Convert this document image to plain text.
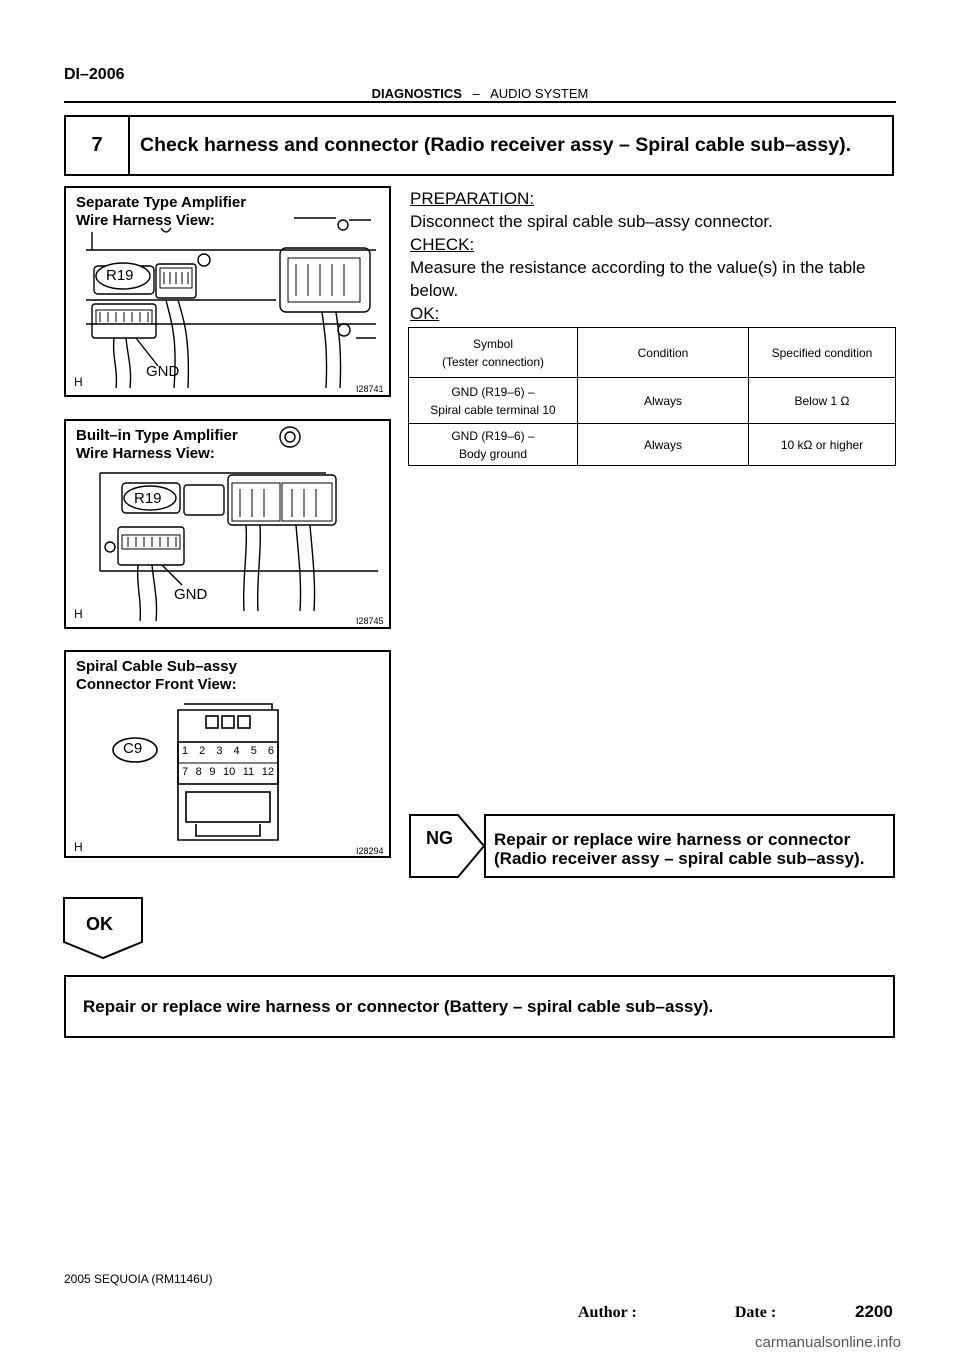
DI–2006
DIAGNOSTICS – AUDIO SYSTEM
7	Check harness and connector (Radio receiver assy – Spiral cable sub–assy).
Separate Type Amplifier
Wire Harness View:
R19
GND
H	I28741
Built–in Type Amplifier
Wire Harness View:
R19
GND
H	I28745
Spiral Cable Sub–assy
Connector Front View:
C9	1 2 3 4 5 6
7 8 9 10 11 12
H	I28294
PREPARATION:
Disconnect the spiral cable sub–assy connector.
CHECK:
Measure the resistance according to the value(s) in the table
below.
OK:
Symbol
(Tester connection)	Condition	Specified condition

GND (R19–6) –
Spiral cable terminal 10	Always	Below 1 Ω

GND (R19–6) –
Body ground	Always	10 kΩ or higher
NG Repair or replace wire harness or connector
(Radio receiver assy – spiral cable sub–assy).
OK
Repair or replace wire harness or connector (Battery – spiral cable sub–assy).
2005 SEQUOIA (RM1146U)
Author :	Date :	2200
carmanualsonline.info
